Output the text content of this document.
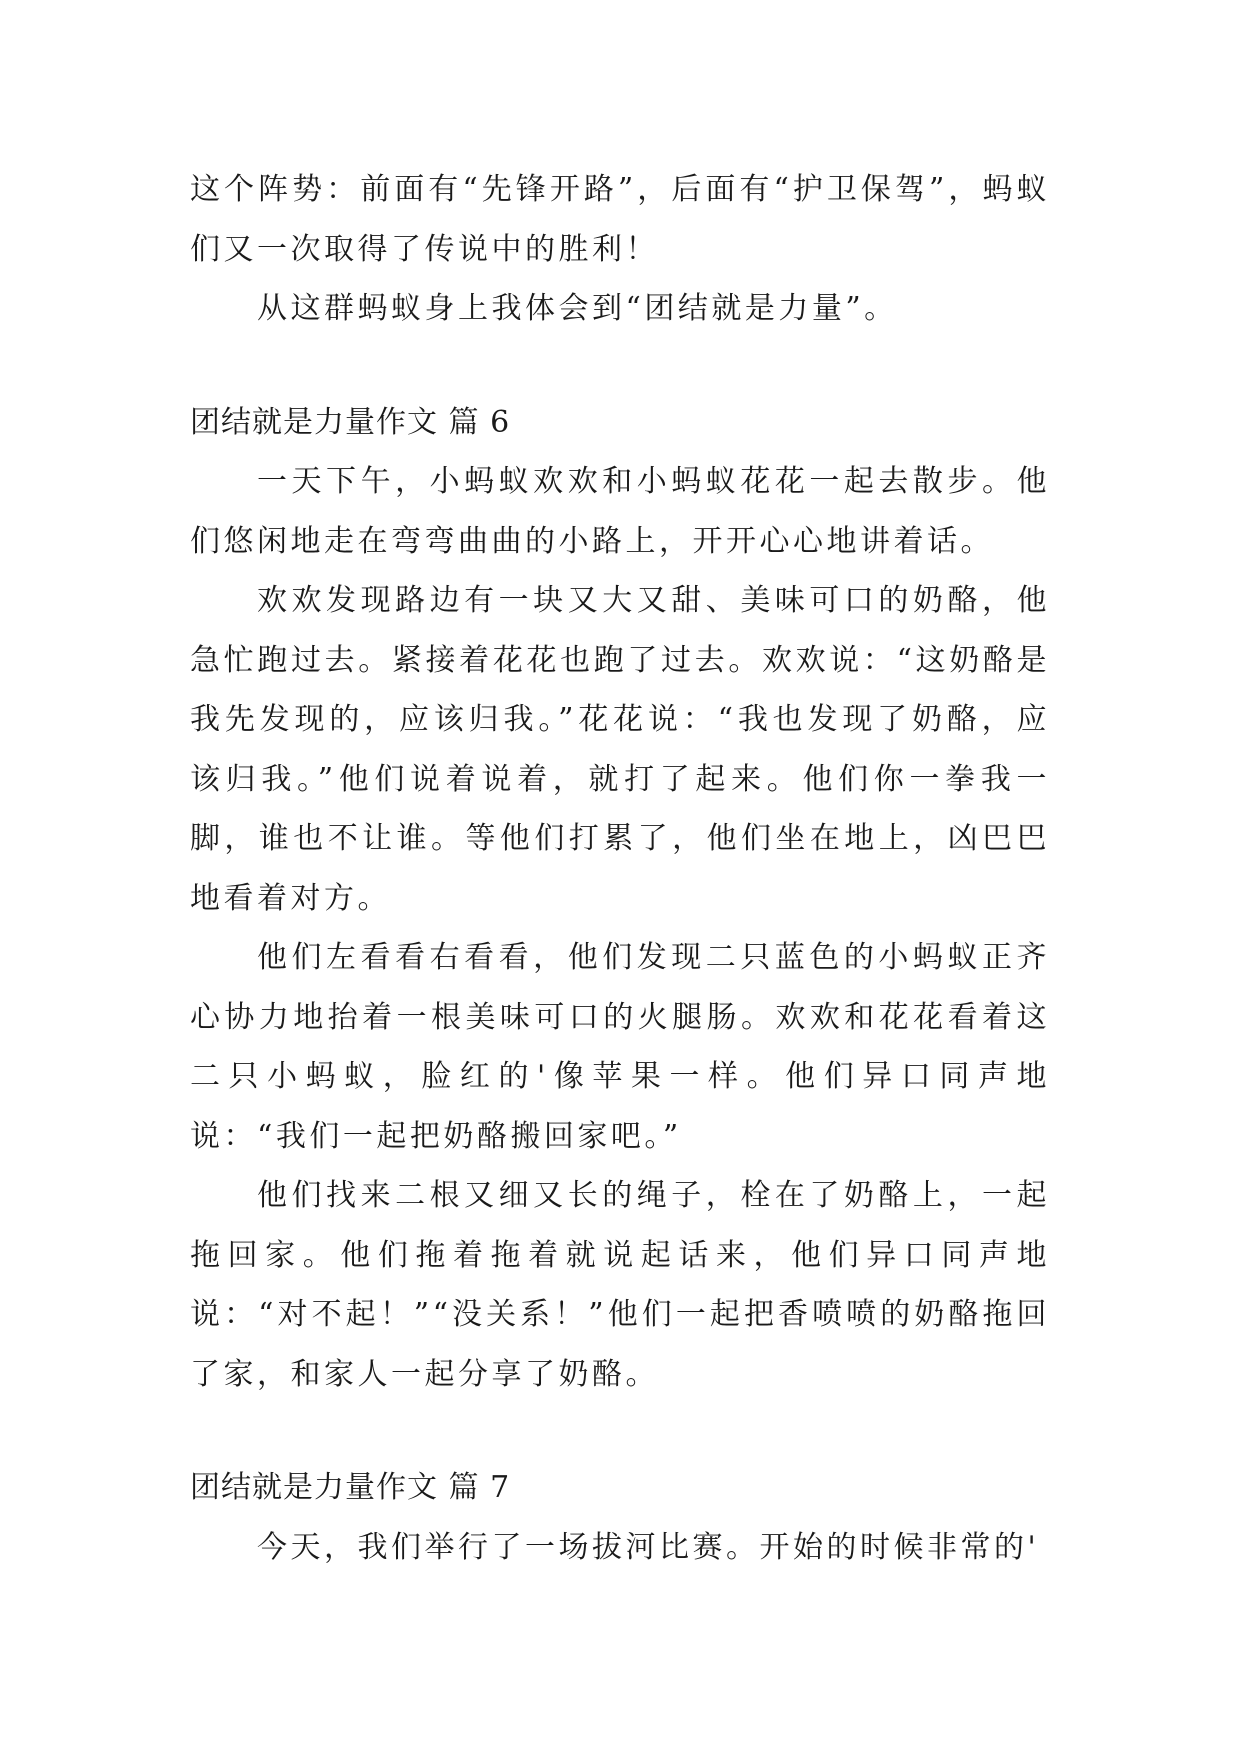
这个阵势：前面有“先锋开路”，后面有“护卫保驾”，蚂蚁们又一次取得了传说中的胜利！

从这群蚂蚁身上我体会到“团结就是力量”。

团结就是力量作文 篇 6

一天下午，小蚂蚁欢欢和小蚂蚁花花一起去散步。他们悠闲地走在弯弯曲曲的小路上，开开心心地讲着话。

欢欢发现路边有一块又大又甜、美味可口的奶酪，他急忙跑过去。紧接着花花也跑了过去。欢欢说：“这奶酪是我先发现的，应该归我。”花花说：“我也发现了奶酪，应该归我。”他们说着说着，就打了起来。他们你一拳我一脚，谁也不让谁。等他们打累了，他们坐在地上，凶巴巴地看着对方。

他们左看看右看看，他们发现二只蓝色的小蚂蚁正齐心协力地抬着一根美味可口的火腿肠。欢欢和花花看着这二只小蚂蚁，脸红的'像苹果一样。他们异口同声地说：“我们一起把奶酪搬回家吧。”

他们找来二根又细又长的绳子，栓在了奶酪上，一起拖回家。他们拖着拖着就说起话来，他们异口同声地说：“对不起！”“没关系！”他们一起把香喷喷的奶酪拖回了家，和家人一起分享了奶酪。

团结就是力量作文 篇 7

今天，我们举行了一场拔河比赛。开始的时候非常的'
